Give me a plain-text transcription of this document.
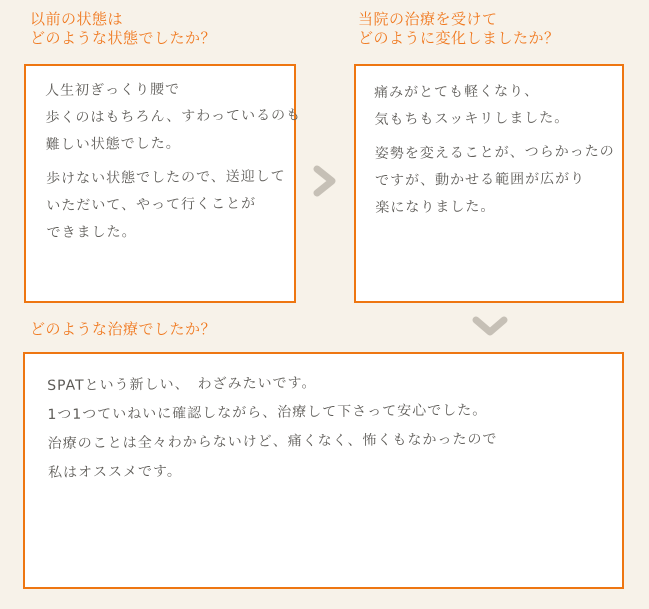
以前の状態は
どのような状態でしたか？
当院の治療を受けて
どのように変化しましたか？
人生初ぎっくり腰で
歩くのはもちろん、すわっているのも
難しい状態でした。
歩けない状態でしたので、送迎して
いただいて、やって行くことが
できました。
痛みがとても軽くなり、
気もちもスッキリしました。
姿勢を変えることが、つらかったの
ですが、動かせる範囲が広がり
楽になりました。
どのような治療でしたか？
SPATという新しい、　わざみたいです。
1つ1つていねいに確認しながら、治療して下さって安心でした。
治療のことは全々わからないけど、痛くなく、怖くもなかったので
私はオススメです。
